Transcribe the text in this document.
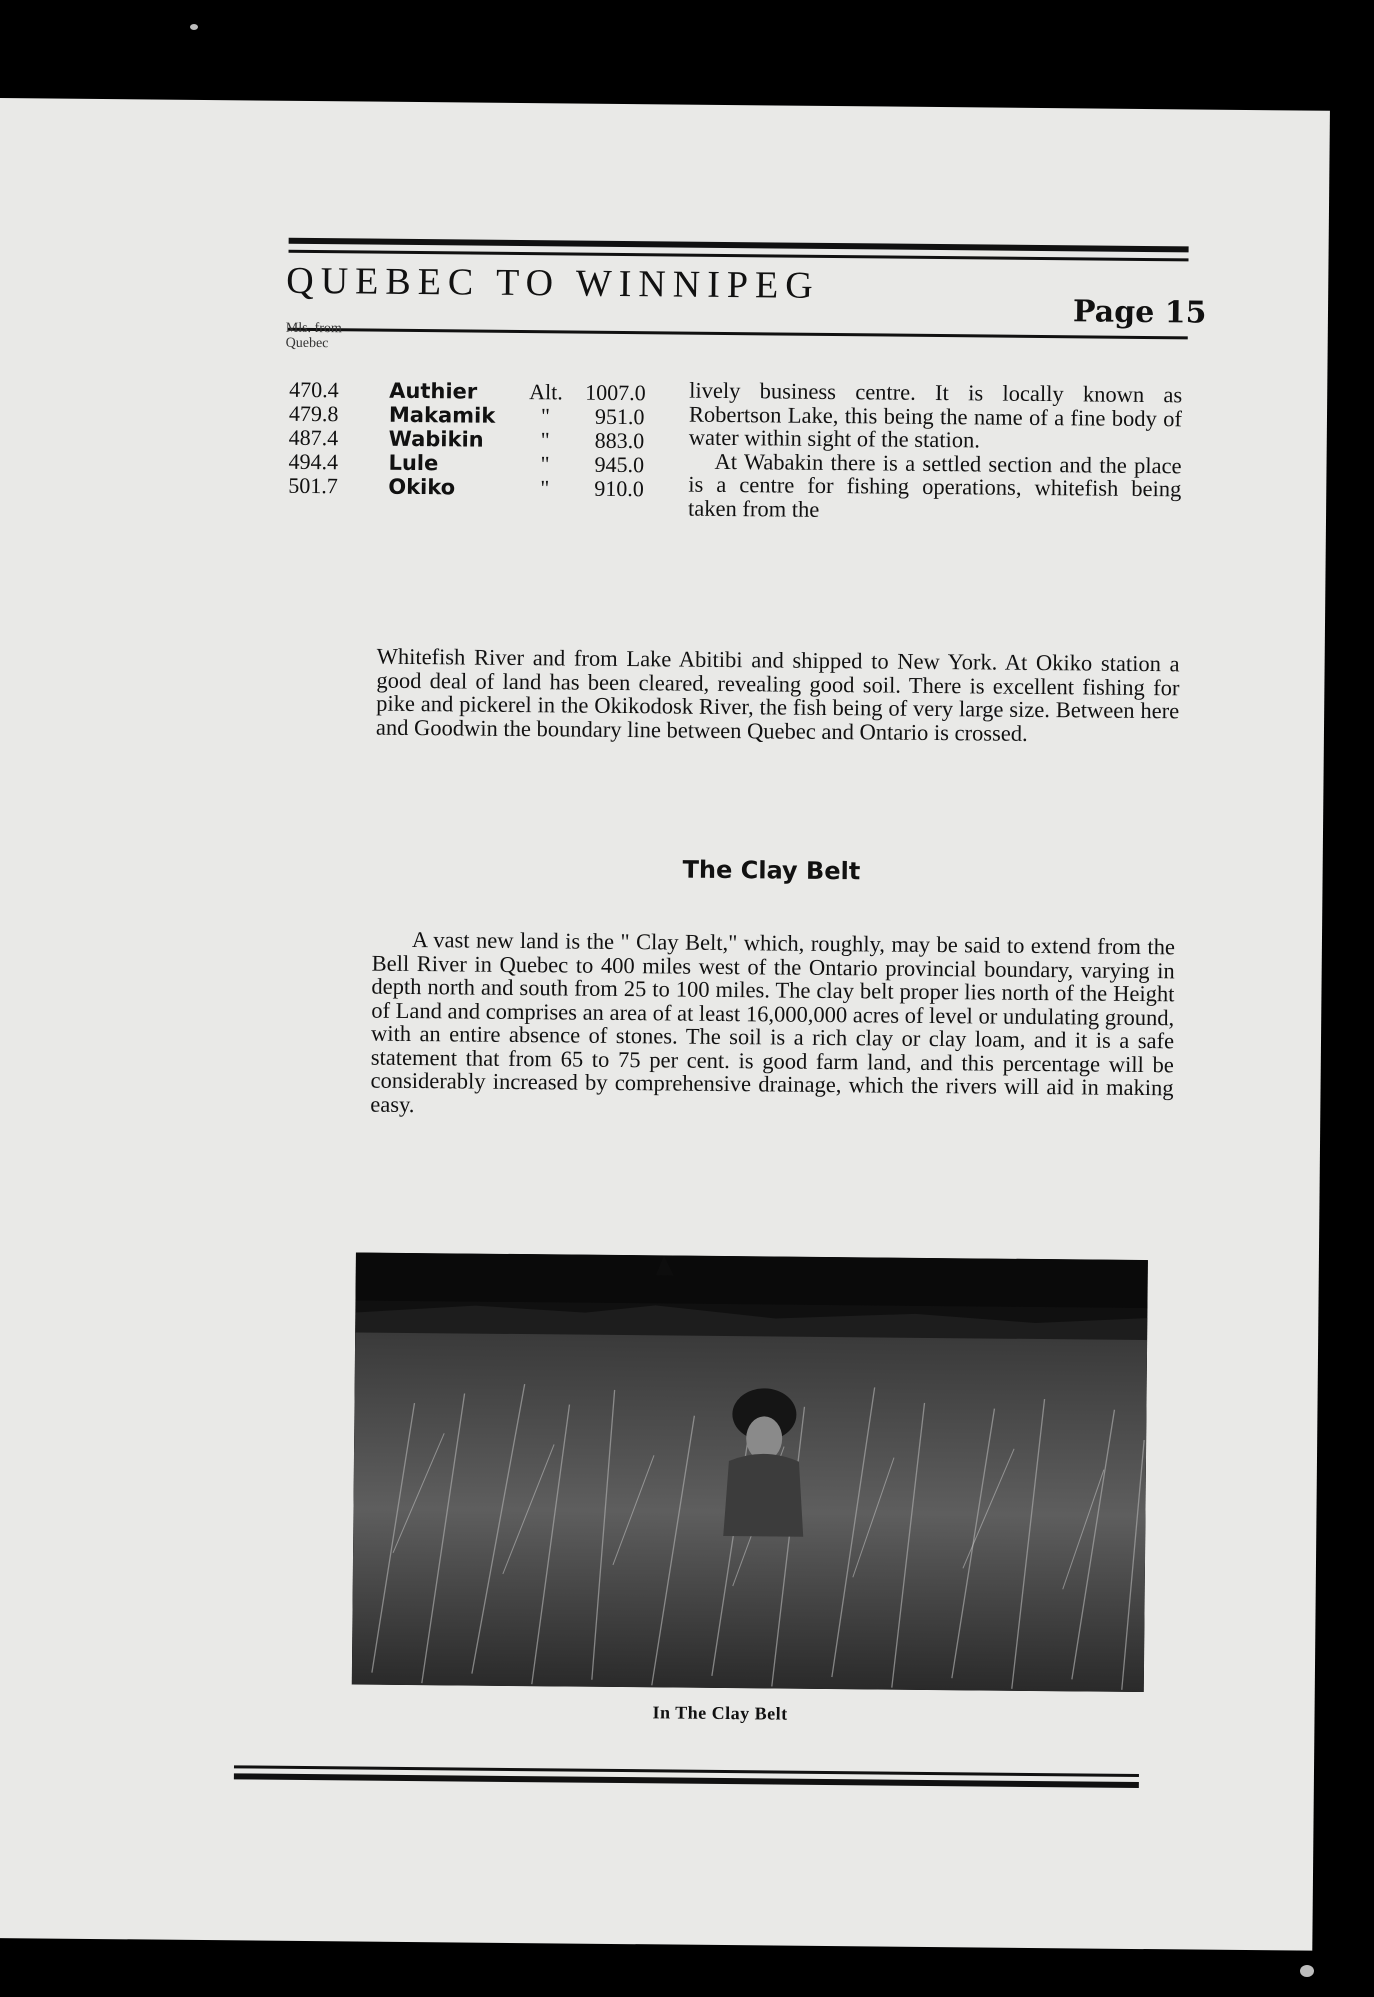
QUEBEC TO WINNIPEG
Page 15
Mls. from
Quebec
470.4 Authier Alt. 1007.0
479.8 Makamik " 951.0
487.4 Wabikin	" 883.0
494.4 Lule	" 945.0
501.7 Okiko	" 910.0

lively business centre. It is locally known as Robertson Lake, this being the name of a fine body of water within sight of the station.
At Wabakin there is a settled section and the place is a centre for fishing operations, whitefish being taken from the

Whitefish River and from Lake Abitibi and shipped to New York. At Okiko station a good deal of land has been cleared, revealing good soil. There is excellent fishing for pike and pickerel in the Okikodosk River, the fish being of very large size. Between here and Goodwin the boundary line between Quebec and Ontario is crossed.

The Clay Belt

A vast new land is the " Clay Belt," which, roughly, may be said to extend from the Bell River in Quebec to 400 miles west of the Ontario provincial boundary, varying in depth north and south from 25 to 100 miles. The clay belt proper lies north of the Height of Land and comprises an area of at least 16,000,000 acres of level or undulating ground, with an entire absence of stones. The soil is a rich clay or clay loam, and it is a safe statement that from 65 to 75 per cent. is good farm land, and this percentage will be considerably increased by comprehensive drainage, which the rivers will aid in making easy.

In The Clay Belt
